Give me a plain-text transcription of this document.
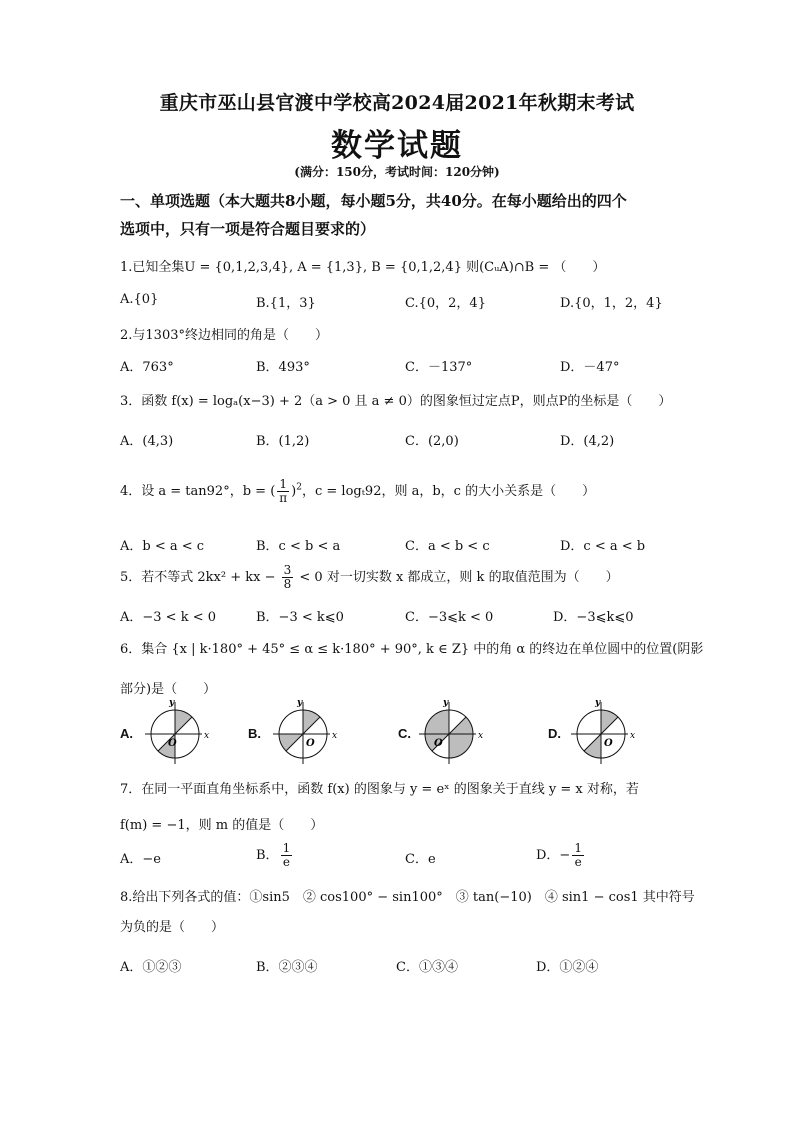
重庆市巫山县官渡中学校高2024届2021年秋期末考试
数学试题
(满分：150分，考试时间：120分钟)
一、单项选题（本大题共8小题，每小题5分，共40分。在每小题给出的四个
选项中，只有一项是符合题目要求的）
1.已知全集U = {0,1,2,3,4}, A = {1,3}, B = {0,1,2,4} 则(CᵤA)∩B = （　　）
A.{0}	B.{1，3}	C.{0，2，4}	D.{0，1，2，4}
2.与1303°终边相同的角是（　　）
A．763°	B．493°	C．－137°	D．－47°
3．函数 f(x) = logₐ(x−3) + 2（a > 0 且 a ≠ 0）的图象恒过定点P，则点P的坐标是（　　）
A．(4,3)	B．(1,2)	C．(2,0)	D．(4,2)
4．设 a = tan92°，b = ( $\frac{1}{\pi} )^2$，c = logₜ92，则 a，b，c 的大小关系是（　　）
A．b < a < c	B．c < b < a	C．a < b < c	D．c < a < b
5．若不等式 2kx² + kx − $\frac{3}{8} < 0$ 对一切实数 x 都成立，则 k 的取值范围为（　　）
A．−3 < k < 0	B．−3 < k⩽0	C．−3⩽k < 0	D．−3⩽k⩽0
6．集合 {x | k·180° + 45° ≤ α ≤ k·180° + 90°, k ∈ Z} 中的角 α 的终边在单位圆中的位置(阴影
部分)是（　　）
A.
y
x
O
B.
y
x
O
C.
y
x
O
D.
y
x
O
7．在同一平面直角坐标系中，函数 f(x) 的图象与 y = eˣ 的图象关于直线 y = x 对称，若
f(m) = −1，则 m 的值是（　　）
A．−e	B． $\frac{1}{e}$	C．e	D．− $\frac{1}{e}$
8.给出下列各式的值：①sin5　② cos100° − sin100°　③ tan(−10)　④ sin1 − cos1 其中符号
为负的是（　　）
A．①②③	B．②③④	C．①③④	D．①②④
